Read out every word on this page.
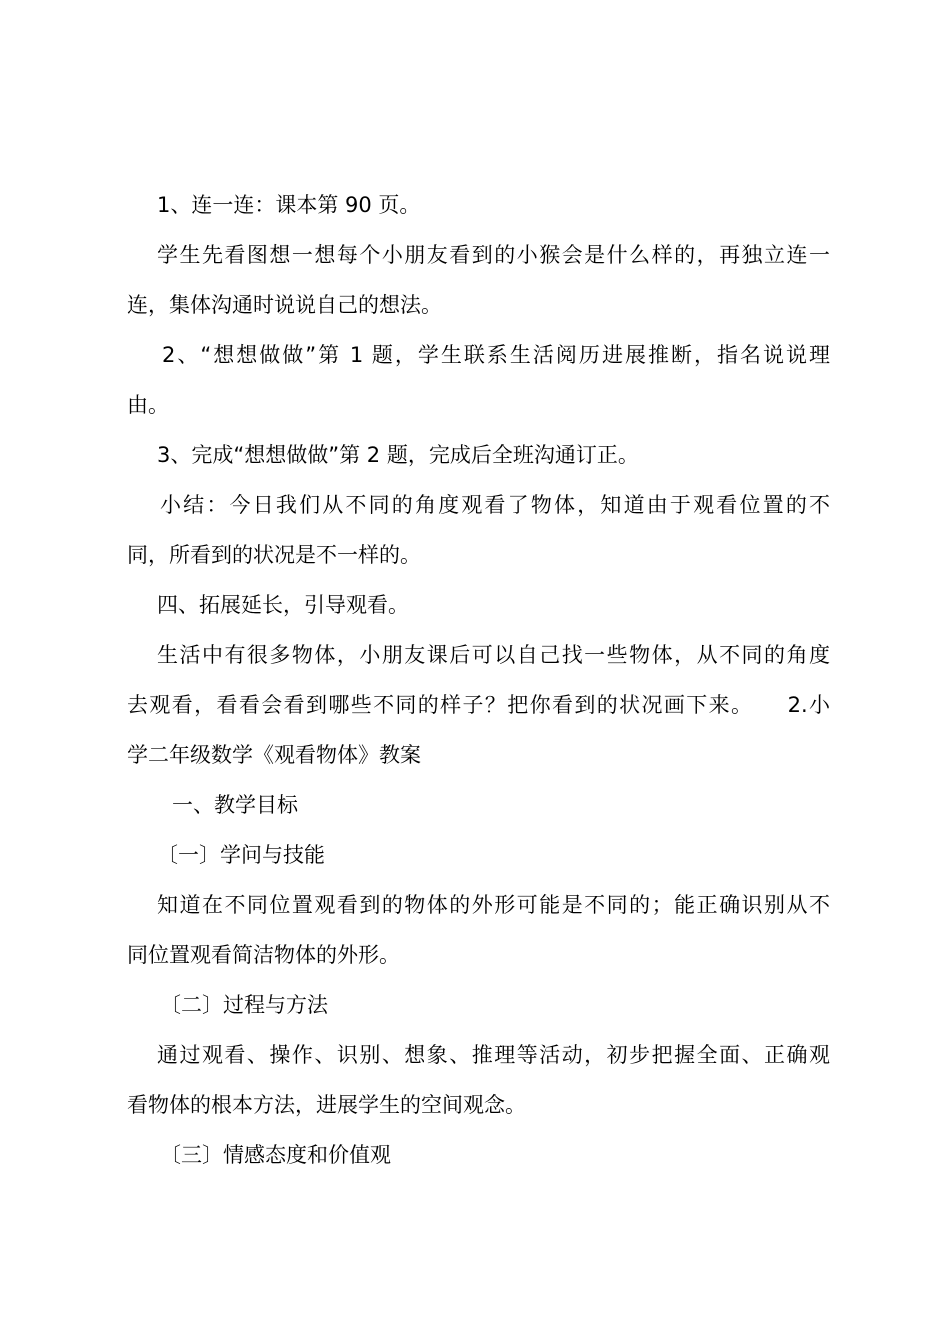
1、连一连：课本第 90 页。

学生先看图想一想每个小朋友看到的小猴会是什么样的，再独立连一

连，集体沟通时说说自己的想法。

2、“想想做做”第 1 题，学生联系生活阅历进展推断，指名说说理

由。

3、完成“想想做做”第 2 题，完成后全班沟通订正。

小结：今日我们从不同的角度观看了物体，知道由于观看位置的不

同，所看到的状况是不一样的。

四、拓展延长，引导观看。

生活中有很多物体，小朋友课后可以自己找一些物体，从不同的角度

去观看，看看会看到哪些不同的样子？把你看到的状况画下来。　　2.小

学二年级数学《观看物体》教案

一、教学目标

〔一〕学问与技能

知道在不同位置观看到的物体的外形可能是不同的；能正确识别从不

同位置观看简洁物体的外形。

〔二〕过程与方法

通过观看、操作、识别、想象、推理等活动，初步把握全面、正确观

看物体的根本方法，进展学生的空间观念。

〔三〕情感态度和价值观
